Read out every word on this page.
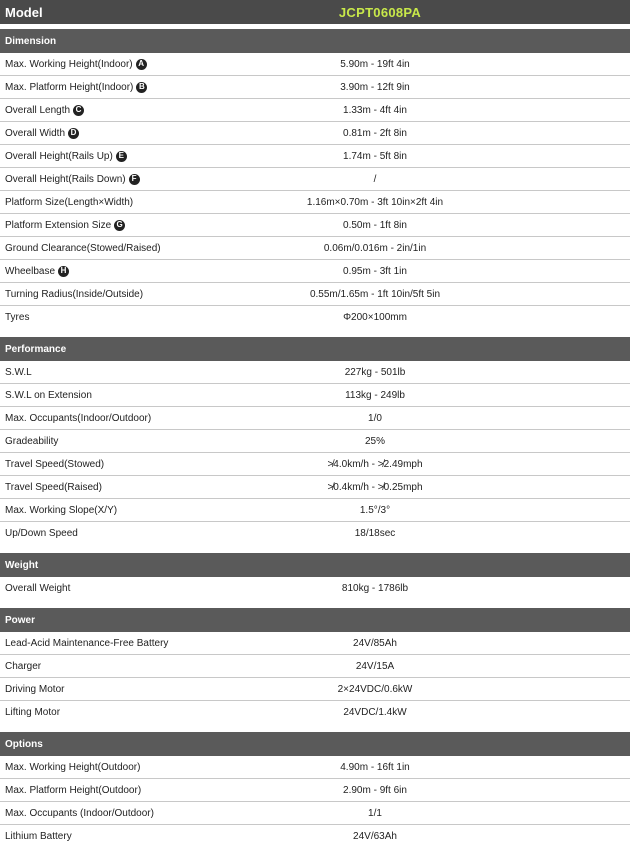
Model	JCPT0608PA
Dimension
Max. Working Height(Indoor) A	5.90m - 19ft 4in
Max. Platform Height(Indoor) B	3.90m - 12ft 9in
Overall Length C	1.33m - 4ft 4in
Overall Width D	0.81m - 2ft 8in
Overall Height(Rails Up) E	1.74m - 5ft 8in
Overall Height(Rails Down) F	/
Platform Size(Length×Width)	1.16m×0.70m - 3ft 10in×2ft 4in
Platform Extension Size G	0.50m - 1ft 8in
Ground Clearance(Stowed/Raised)	0.06m/0.016m - 2in/1in
Wheelbase H	0.95m - 3ft 1in
Turning Radius(Inside/Outside)	0.55m/1.65m - 1ft 10in/5ft 5in
Tyres	Φ200×100mm
Performance
S.W.L	227kg - 501lb
S.W.L on Extension	113kg - 249lb
Max. Occupants(Indoor/Outdoor)	1/0
Gradeability	25%
Travel Speed(Stowed)	≯4.0km/h - ≯2.49mph
Travel Speed(Raised)	≯0.4km/h - ≯0.25mph
Max. Working Slope(X/Y)	1.5°/3°
Up/Down Speed	18/18sec
Weight
Overall Weight	810kg - 1786lb
Power
Lead-Acid Maintenance-Free Battery	24V/85Ah
Charger	24V/15A
Driving Motor	2×24VDC/0.6kW
Lifting Motor	24VDC/1.4kW
Options
Max. Working Height(Outdoor)	4.90m - 16ft 1in
Max. Platform Height(Outdoor)	2.90m - 9ft 6in
Max. Occupants (Indoor/Outdoor)	1/1
Lithium Battery	24V/63Ah
